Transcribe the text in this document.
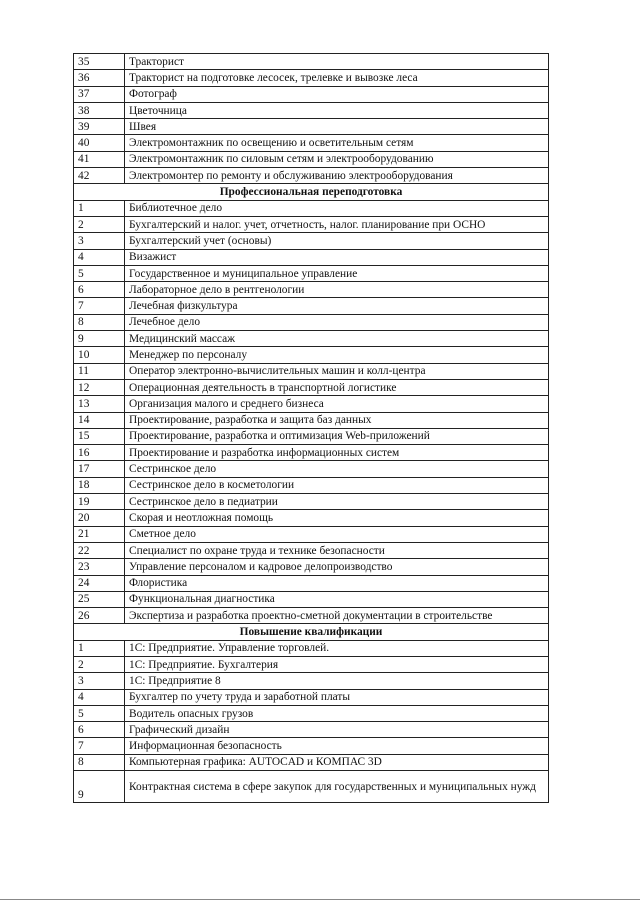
35	Тракторист
36	Тракторист на подготовке лесосек, трелевке и вывозке леса
37	Фотограф
38	Цветочница
39	Швея
40	Электромонтажник по освещению и осветительным сетям
41	Электромонтажник по силовым сетям и электрооборудованию
42	Электромонтер по ремонту и обслуживанию электрооборудования
Профессиональная переподготовка	
1	Библиотечное дело
2	Бухгалтерский и налог. учет, отчетность, налог. планирование при ОСНО
3	Бухгалтерский учет (основы)
4	Визажист
5	Государственное и муниципальное управление
6	Лабораторное дело в рентгенологии
7	Лечебная физкультура
8	Лечебное дело
9	Медицинский массаж
10	Менеджер по персоналу
11	Оператор электронно-вычислительных машин и колл-центра
12	Операционная деятельность в транспортной логистике
13	Организация малого и среднего бизнеса
14	Проектирование, разработка и защита баз данных
15	Проектирование, разработка и оптимизация Web-приложений
16	Проектирование и разработка информационных систем
17	Сестринское дело
18	Сестринское дело в косметологии
19	Сестринское дело в педиатрии
20	Скорая и неотложная помощь
21	Сметное дело
22	Специалист по охране труда и технике безопасности
23	Управление персоналом и кадровое делопроизводство
24	Флористика
25	Функциональная диагностика
26	Экспертиза и разработка проектно-сметной документации в строительстве
Повышение квалификации	
1	1С: Предприятие. Управление торговлей.
2	1С: Предприятие. Бухгалтерия
3	1С: Предприятие 8
4	Бухгалтер по учету труда и заработной платы
5	Водитель опасных грузов
6	Графический дизайн
7	Информационная безопасность
8	Компьютерная графика: AUTOCAD и КОМПАС 3D
9	Контрактная система в сфере закупок для государственных и муниципальных нужд
